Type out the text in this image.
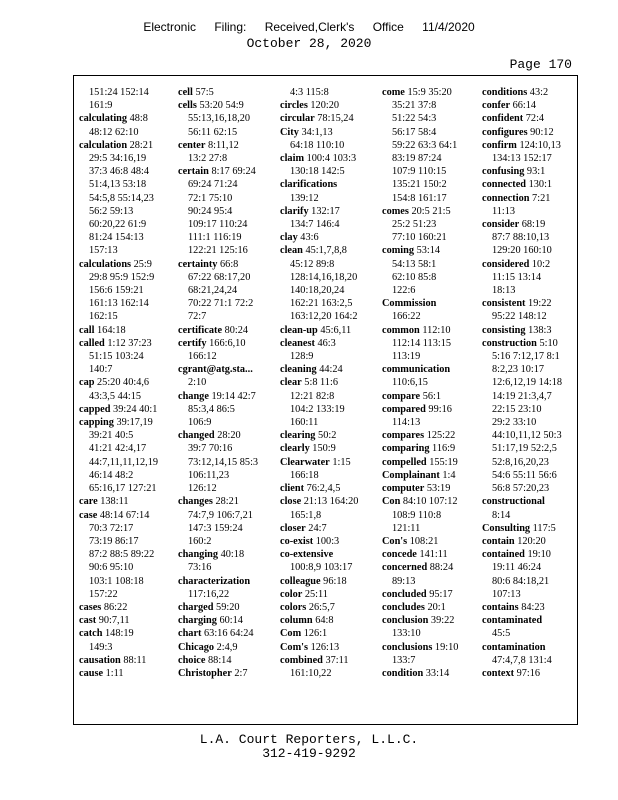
Electronic Filing: Received,Clerk's Office 11/4/2020
October 28, 2020
Page 170
151:24 152:14
161:9
calculating 48:8
48:12 62:10
calculation 28:21
29:5 34:16,19
37:3 46:8 48:4
51:4,13 53:18
54:5,8 55:14,23
56:2 59:13
60:20,22 61:9
81:24 154:13
157:13
calculations 25:9
29:8 95:9 152:9
156:6 159:21
161:13 162:14
162:15
call 164:18
called 1:12 37:23
51:15 103:24
140:7
cap 25:20 40:4,6
43:3,5 44:15
capped 39:24 40:1
capping 39:17,19
39:21 40:5
41:21 42:4,17
44:7,11,11,12,19
46:14 48:2
65:16,17 127:21
care 138:11
case 48:14 67:14
70:3 72:17
73:19 86:17
87:2 88:5 89:22
90:6 95:10
103:1 108:18
157:22
cases 86:22
cast 90:7,11
catch 148:19
149:3
causation 88:11
cause 1:11
cell 57:5
cells 53:20 54:9
55:13,16,18,20
56:11 62:15
center 8:11,12
13:2 27:8
certain 8:17 69:24
69:24 71:24
72:1 75:10
90:24 95:4
109:17 110:24
111:1 116:19
122:21 125:16
certainty 66:8
67:22 68:17,20
68:21,24,24
70:22 71:1 72:2
72:7
certificate 80:24
certify 166:6,10
166:12
cgrant@atg.sta...
2:10
change 19:14 42:7
85:3,4 86:5
106:9
changed 28:20
39:7 70:16
73:12,14,15 85:3
106:11,23
126:12
changes 28:21
74:7,9 106:7,21
147:3 159:24
160:2
changing 40:18
73:16
characterization
117:16,22
charged 59:20
charging 60:14
chart 63:16 64:24
Chicago 2:4,9
choice 88:14
Christopher 2:7
4:3 115:8
circles 120:20
circular 78:15,24
City 34:1,13
64:18 110:10
claim 100:4 103:3
130:18 142:5
clarifications
139:12
clarify 132:17
134:7 146:4
clay 43:6
clean 45:1,7,8,8
45:12 89:8
128:14,16,18,20
140:18,20,24
162:21 163:2,5
163:12,20 164:2
clean-up 45:6,11
cleanest 46:3
128:9
cleaning 44:24
clear 5:8 11:6
12:21 82:8
104:2 133:19
160:11
clearing 50:2
clearly 150:9
Clearwater 1:15
166:18
client 76:2,4,5
close 21:13 164:20
165:1,8
closer 24:7
co-exist 100:3
co-extensive
100:8,9 103:17
colleague 96:18
color 25:11
colors 26:5,7
column 64:8
Com 126:1
Com's 126:13
combined 37:11
161:10,22
come 15:9 35:20
35:21 37:8
51:22 54:3
56:17 58:4
59:22 63:3 64:1
83:19 87:24
107:9 110:15
135:21 150:2
154:8 161:17
comes 20:5 21:5
25:2 51:23
77:10 160:21
coming 53:14
54:13 58:1
62:10 85:8
122:6
Commission
166:22
common 112:10
112:14 113:15
113:19
communication
110:6,15
compare 56:1
compared 99:16
114:13
compares 125:22
comparing 116:9
compelled 155:19
Complainant 1:4
computer 53:19
Con 84:10 107:12
108:9 110:8
121:11
Con's 108:21
concede 141:11
concerned 88:24
89:13
concluded 95:17
concludes 20:1
conclusion 39:22
133:10
conclusions 19:10
133:7
condition 33:14
conditions 43:2
confer 66:14
confident 72:4
configures 90:12
confirm 124:10,13
134:13 152:17
confusing 93:1
connected 130:1
connection 7:21
11:13
consider 68:19
87:7 88:10,13
129:20 160:10
considered 10:2
11:15 13:14
18:13
consistent 19:22
95:22 148:12
consisting 138:3
construction 5:10
5:16 7:12,17 8:1
8:2,23 10:17
12:6,12,19 14:18
14:19 21:3,4,7
22:15 23:10
29:2 33:10
44:10,11,12 50:3
51:17,19 52:2,5
52:8,16,20,23
54:6 55:11 56:6
56:8 57:20,23
constructional
8:14
Consulting 117:5
contain 120:20
contained 19:10
19:11 46:24
80:6 84:18,21
107:13
contains 84:23
contaminated
45:5
contamination
47:4,7,8 131:4
context 97:16
L.A. Court Reporters, L.L.C.
312-419-9292
